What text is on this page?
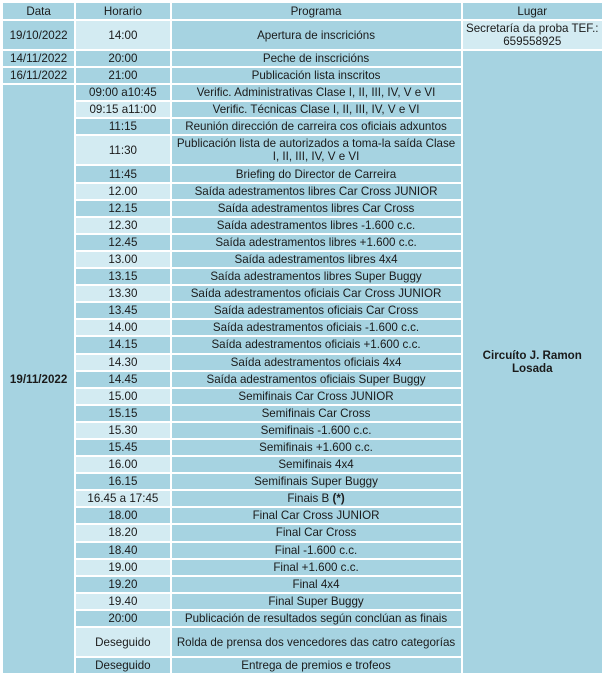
Data	Horario	Programa	Lugar
19/10/2022	14:00	Apertura de inscricións	Secretaría da proba TEF.: 659558925
14/11/2022	20:00	Peche de inscricións	Circuíto J. Ramon Losada
16/11/2022	21:00	Publicación lista inscritos	
19/11/2022	09:00 a10:45	Verific. Administrativas Clase I, II, III, IV, V e VI	
	09:15 a11:00	Verific. Técnicas Clase I, II, III, IV, V e VI	
	11:15	Reunión dirección de carreira cos oficiais adxuntos	
	11:30	Publicación lista de autorizados a toma-la saída Clase I, II, III, IV, V e VI	
	11:45	Briefing do Director de Carreira	
	12.00	Saída adestramentos libres Car Cross JUNIOR	
	12.15	Saída adestramentos libres Car Cross	
	12.30	Saída adestramentos libres -1.600 c.c.	
	12.45	Saída adestramentos libres +1.600 c.c.	
	13.00	Saída adestramentos libres 4x4	
	13.15	Saída adestramentos libres Super Buggy	
	13.30	Saída adestramentos oficiais Car Cross JUNIOR	
	13.45	Saída adestramentos oficiais Car Cross	
	14.00	Saída adestramentos oficiais -1.600 c.c.	
	14.15	Saída adestramentos oficiais +1.600 c.c.	
	14.30	Saída adestramentos oficiais 4x4	
	14.45	Saída adestramentos oficiais Super Buggy	
	15.00	Semifinais Car Cross JUNIOR	
	15.15	Semifinais Car Cross	
	15.30	Semifinais -1.600 c.c.	
	15.45	Semifinais +1.600 c.c.	
	16.00	Semifinais 4x4	
	16.15	Semifinais Super Buggy	
	16.45 a 17:45	Finais B (*)	
	18.00	Final Car Cross JUNIOR	
	18.20	Final Car Cross	
	18.40	Final -1.600 c.c.	
	19.00	Final +1.600 c.c.	
	19.20	Final 4x4	
	19.40	Final Super Buggy	
	20:00	Publicación de resultados según conclúan as finais	
	Deseguido	Rolda de prensa dos vencedores das catro categorías	
	Deseguido	Entrega de premios e trofeos	
